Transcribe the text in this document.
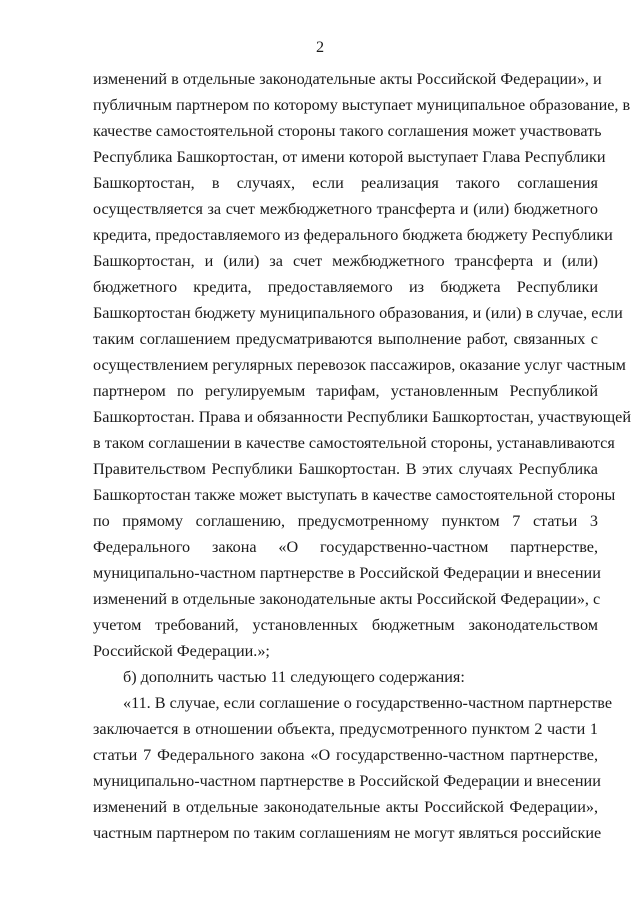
2
изменений в отдельные законодательные акты Российской Федерации», и
публичным партнером по которому выступает муниципальное образование, в
качестве самостоятельной стороны такого соглашения может участвовать
Республика Башкортостан, от имени которой выступает Глава Республики
Башкортостан, в случаях, если реализация такого соглашения
осуществляется за счет межбюджетного трансферта и (или) бюджетного
кредита, предоставляемого из федерального бюджета бюджету Республики
Башкортостан, и (или) за счет межбюджетного трансферта и (или)
бюджетного кредита, предоставляемого из бюджета Республики
Башкортостан бюджету муниципального образования, и (или) в случае, если
таким соглашением предусматриваются выполнение работ, связанных с
осуществлением регулярных перевозок пассажиров, оказание услуг частным
партнером по регулируемым тарифам, установленным Республикой
Башкортостан. Права и обязанности Республики Башкортостан, участвующей
в таком соглашении в качестве самостоятельной стороны, устанавливаются
Правительством Республики Башкортостан. В этих случаях Республика
Башкортостан также может выступать в качестве самостоятельной стороны
по прямому соглашению, предусмотренному пунктом 7 статьи 3
Федерального закона «О государственно-частном партнерстве,
муниципально-частном партнерстве в Российской Федерации и внесении
изменений в отдельные законодательные акты Российской Федерации», с
учетом требований, установленных бюджетным законодательством
Российской Федерации.»;
б) дополнить частью 11 следующего содержания:
«11. В случае, если соглашение о государственно-частном партнерстве
заключается в отношении объекта, предусмотренного пунктом 2 части 1
статьи 7 Федерального закона «О государственно-частном партнерстве,
муниципально-частном партнерстве в Российской Федерации и внесении
изменений в отдельные законодательные акты Российской Федерации»,
частным партнером по таким соглашениям не могут являться российские
